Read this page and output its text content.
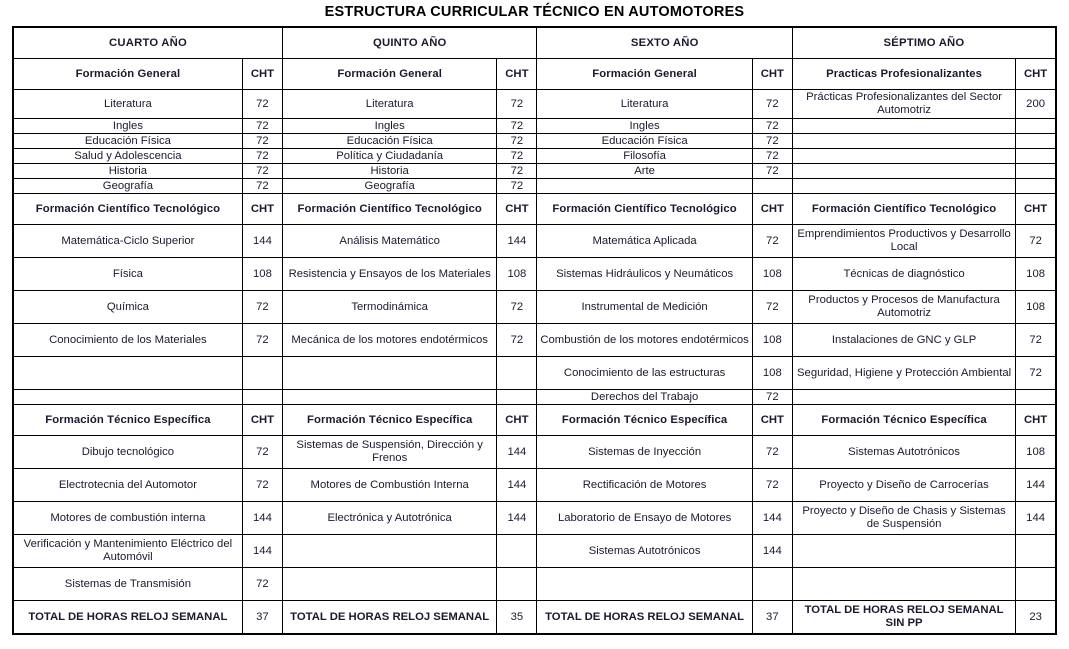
ESTRUCTURA CURRICULAR TÉCNICO EN AUTOMOTORES
CUARTO AÑO		QUINTO AÑO		SEXTO AÑO		SÉPTIMO AÑO	
Formación General	CHT	Formación General	CHT	Formación General	CHT	Practicas Profesionalizantes	CHT
Literatura	72	Literatura	72	Literatura	72	Prácticas Profesionalizantes del Sector Automotriz	200
Ingles	72	Ingles	72	Ingles	72		
Educación Física	72	Educación Física	72	Educación Física	72		
Salud y Adolescencia	72	Política y Ciudadanía	72	Filosofía	72		
Historia	72	Historia	72	Arte	72		
Geografía	72	Geografía	72				
Formación Científico Tecnológico	CHT	Formación Científico Tecnológico	CHT	Formación Científico Tecnológico	CHT	Formación Científico Tecnológico	CHT
Matemática-Ciclo Superior	144	Análisis Matemático	144	Matemática Aplicada	72	Emprendimientos Productivos y Desarrollo Local	72
Física	108	Resistencia y Ensayos de los Materiales	108	Sistemas Hidráulicos y Neumáticos	108	Técnicas de diagnóstico	108
Química	72	Termodinámica	72	Instrumental de Medición	72	Productos y Procesos de Manufactura Automotriz	108
Conocimiento de los Materiales	72	Mecánica de los motores endotérmicos	72	Combustión de los motores endotérmicos	108	Instalaciones de GNC y GLP	72
				Conocimiento de las estructuras	108	Seguridad, Higiene y Protección Ambiental	72
				Derechos del Trabajo	72		
Formación Técnico Específica	CHT	Formación Técnico Específica	CHT	Formación Técnico Específica	CHT	Formación Técnico Específica	CHT
Dibujo tecnológico	72	Sistemas de Suspensión, Dirección y Frenos	144	Sistemas de Inyección	72	Sistemas Autotrónicos	108
Electrotecnia del Automotor	72	Motores de Combustión Interna	144	Rectificación de Motores	72	Proyecto y Diseño de Carrocerías	144
Motores de combustión interna	144	Electrónica y Autotrónica	144	Laboratorio de Ensayo de Motores	144	Proyecto y Diseño de Chasis y Sistemas de Suspensión	144
Verificación y Mantenimiento Eléctrico del Automóvil	144			Sistemas Autotrónicos	144		
Sistemas de Transmisión	72						
TOTAL DE HORAS RELOJ SEMANAL	37	TOTAL DE HORAS RELOJ SEMANAL	35	TOTAL DE HORAS RELOJ SEMANAL	37	TOTAL DE HORAS RELOJ SEMANAL SIN PP	23
